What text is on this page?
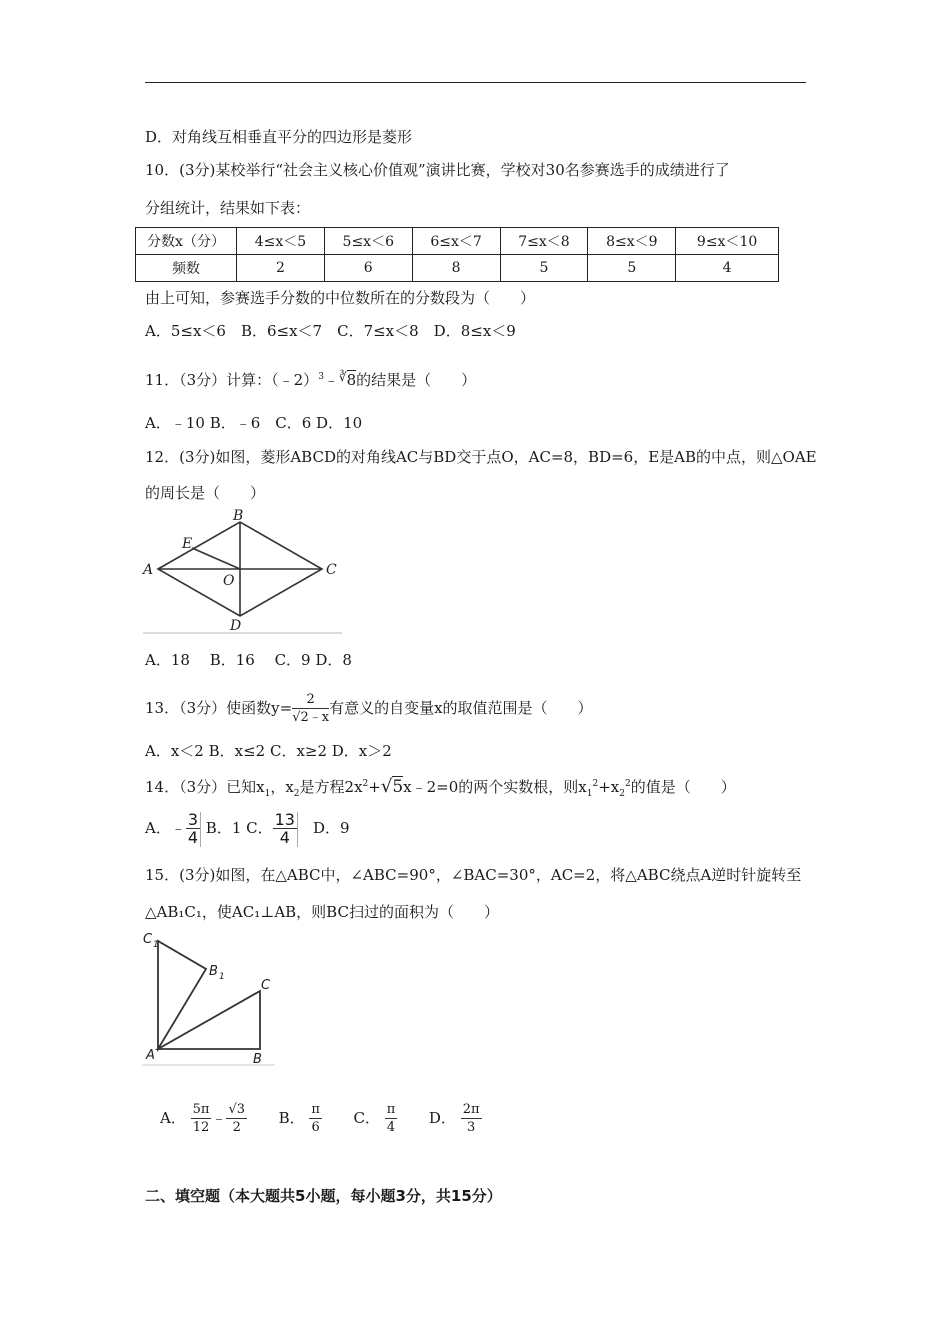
D．对角线互相垂直平分的四边形是菱形
10．(3分)某校举行“社会主义核心价值观”演讲比赛，学校对30名参赛选手的成绩进行了
分组统计，结果如下表：
分数x（分）	4≤x＜5	5≤x＜6	6≤x＜7	7≤x＜8	8≤x＜9	9≤x＜10
频数	2	6	8	5	5	4
由上可知，参赛选手分数的中位数所在的分数段为（　　）
A．5≤x＜6　B．6≤x＜7　C．7≤x＜8　D．8≤x＜9
11．（3分）计算：（﹣2）$^3$﹣∛8的结果是（　　）
A．﹣10 B．﹣6　C．6 D．10
12．(3分)如图，菱形ABCD的对角线AC与BD交于点O，AC=8，BD=6，E是AB的中点，则△OAE
的周长是（　　）
A
B
C
D
E
O
A．18　 B．16　 C．9 D．8
13．（3分）使函数$y= \frac{2}{√2﹣x}$ 有意义的自变量x的取值范围是（　　）
A．x＜2 B．x≤2 C．x≥2 D．x＞2
14．（3分）已知$x_1$，$x_2$是方程$2x^2+√5x﹣2=0$的两个实数根，则$x_1^2+x_2^2$的值是（　　）
A．﹣ $\frac{3}{4}$ B．1 C． $\frac{13}{4}$ 　D．9
15．(3分)如图，在△ABC中，∠ABC=90°，∠BAC=30°，AC=2，将△ABC绕点A逆时针旋转至
△AB₁C₁，使AC₁⊥AB，则BC扫过的面积为（　　）
A	B
C
B 1
C 1
A． $\frac{5\pi}{12}$ ﹣ $\frac{√3}{2}$ B． $\frac{\pi}{6}$ C． $\frac{\pi}{4}$ D． $\frac{2\pi}{3}$
二、填空题（本大题共5小题，每小题3分，共15分）
